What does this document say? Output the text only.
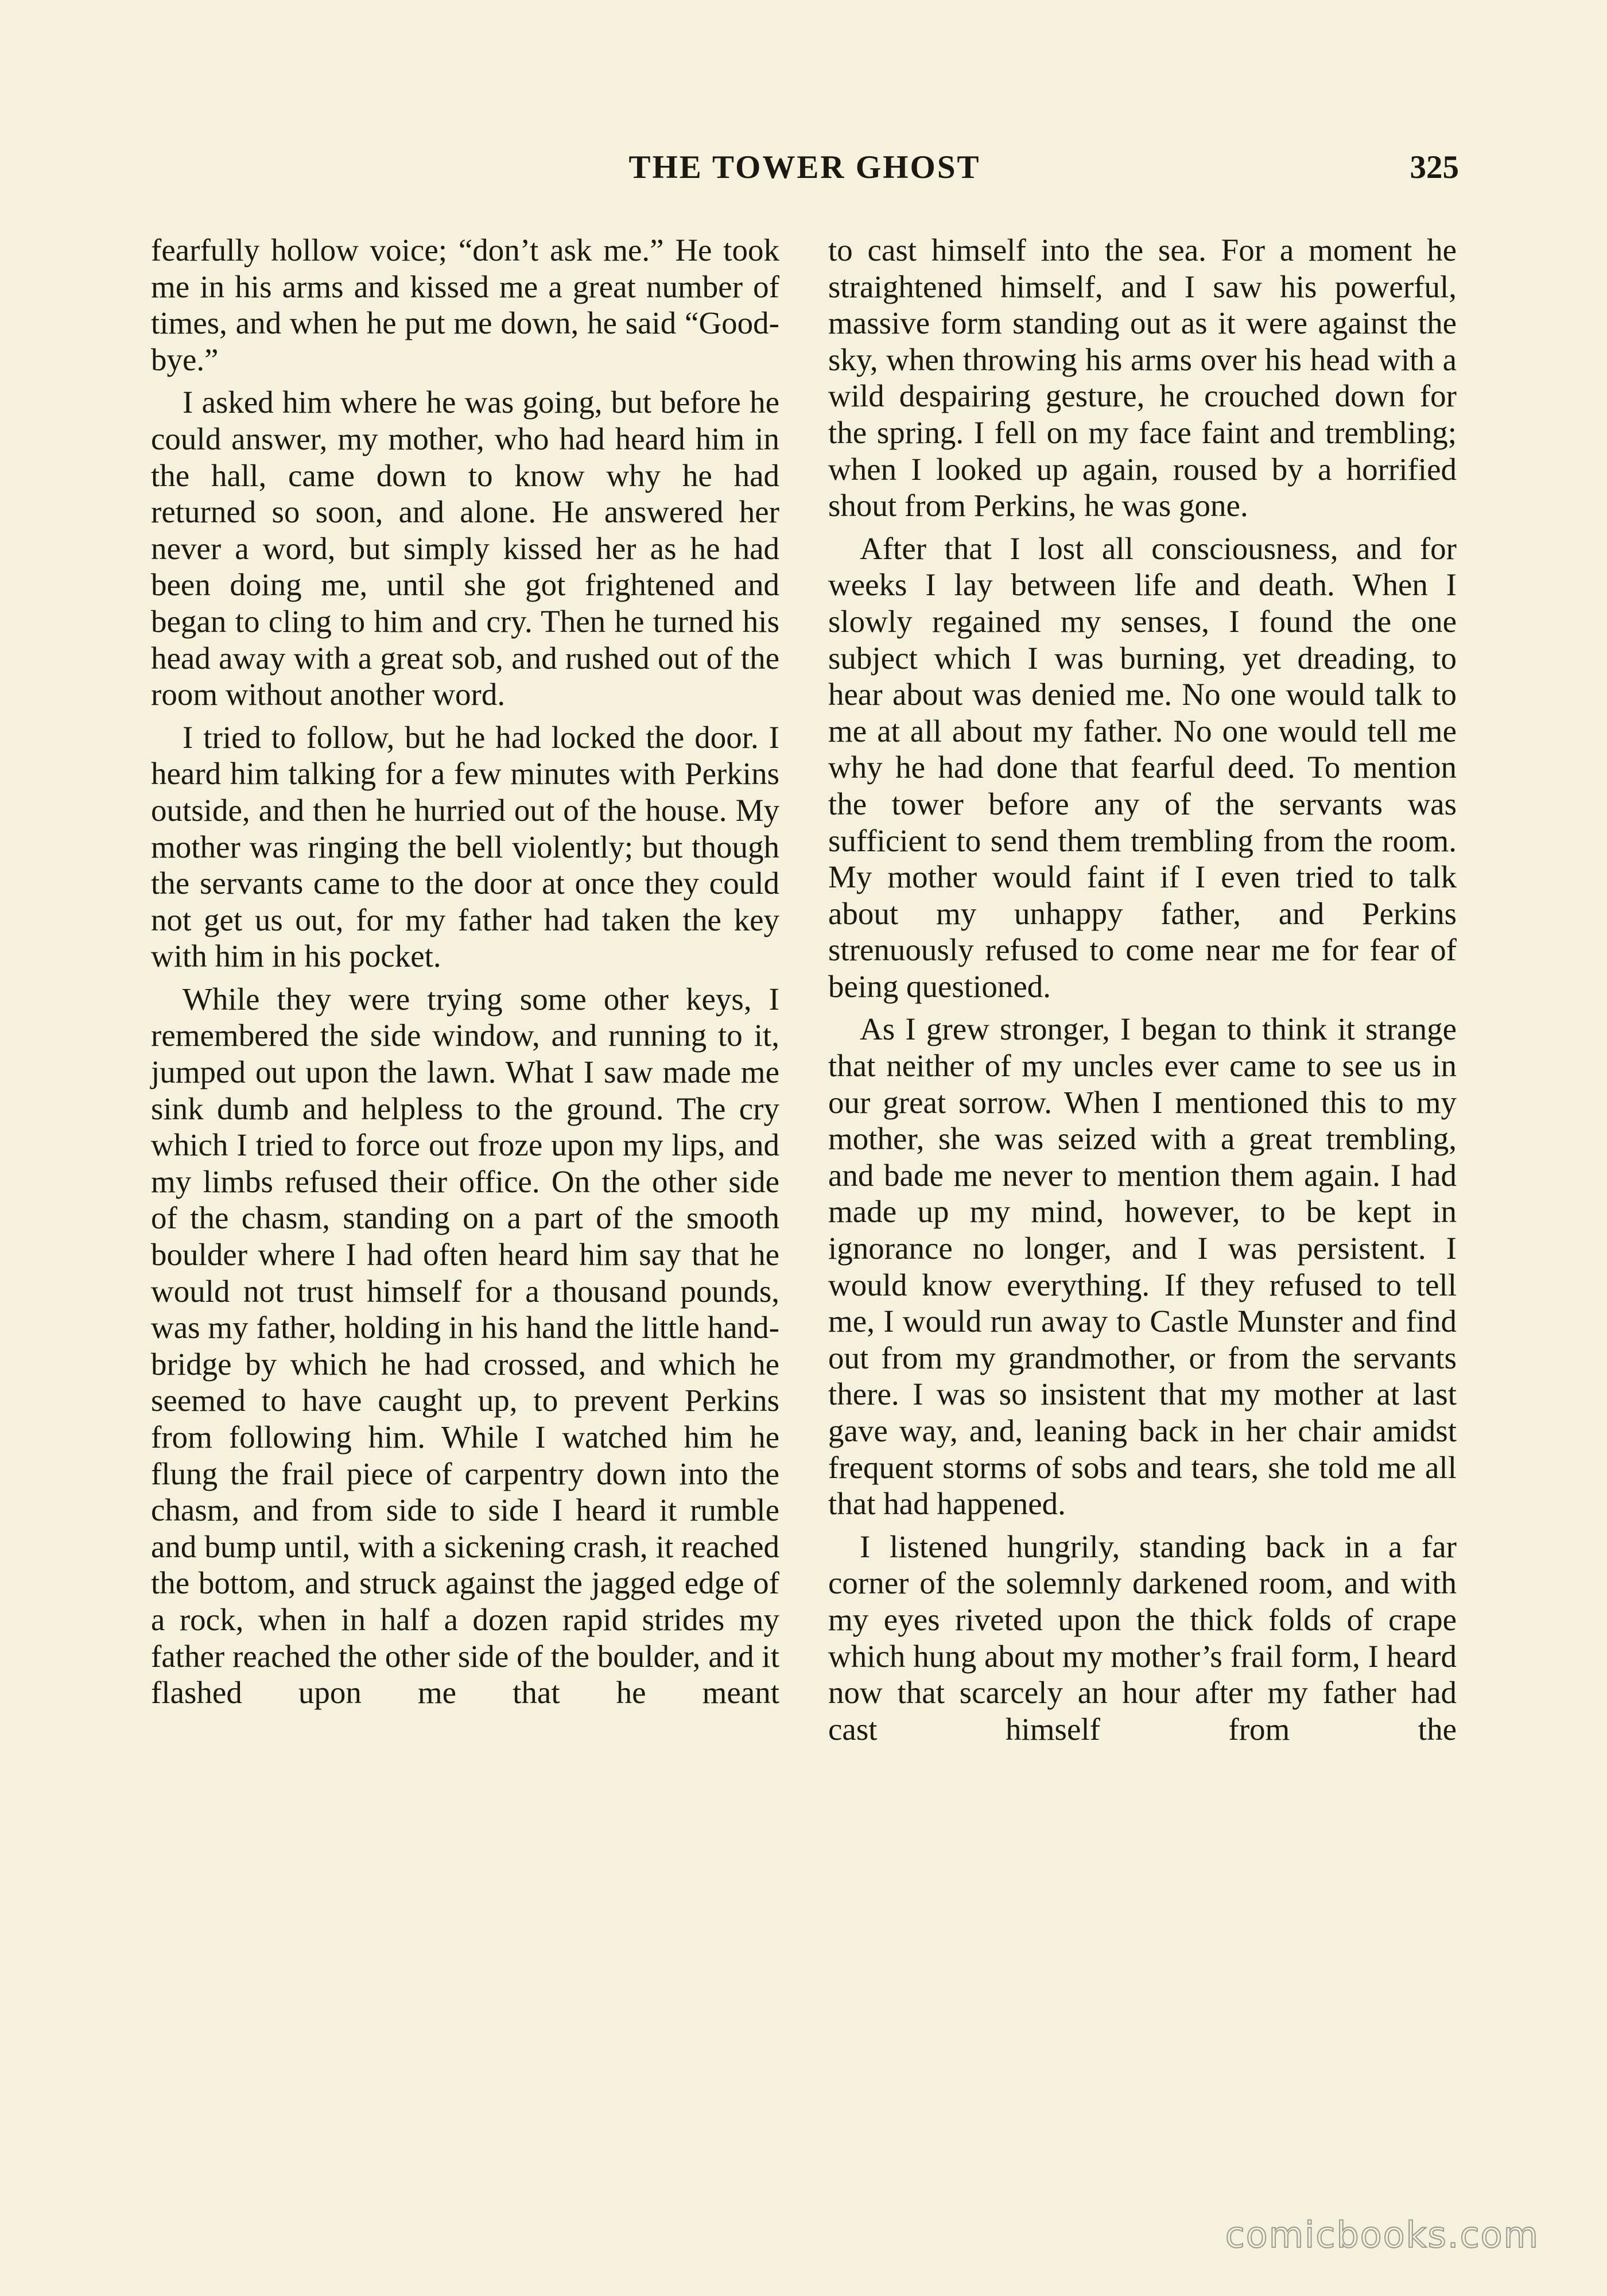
THE TOWER GHOST	325

fearfully hollow voice; “don’t ask me.” He took me in his arms and kissed me a great number of times, and when he put me down, he said “Good-bye.”

I asked him where he was going, but before he could answer, my mother, who had heard him in the hall, came down to know why he had returned so soon, and alone. He answered her never a word, but simply kissed her as he had been doing me, until she got frightened and began to cling to him and cry. Then he turned his head away with a great sob, and rushed out of the room without another word.

I tried to follow, but he had locked the door. I heard him talking for a few minutes with Perkins outside, and then he hurried out of the house. My mother was ringing the bell violently; but though the servants came to the door at once they could not get us out, for my father had taken the key with him in his pocket.

While they were trying some other keys, I remembered the side window, and running to it, jumped out upon the lawn. What I saw made me sink dumb and helpless to the ground. The cry which I tried to force out froze upon my lips, and my limbs refused their office. On the other side of the chasm, standing on a part of the smooth boulder where I had often heard him say that he would not trust himself for a thousand pounds, was my father, holding in his hand the little hand-bridge by which he had crossed, and which he seemed to have caught up, to prevent Perkins from following him. While I watched him he flung the frail piece of carpentry down into the chasm, and from side to side I heard it rumble and bump until, with a sickening crash, it reached the bottom, and struck against the jagged edge of a rock, when in half a dozen rapid strides my father reached the other side of the boulder, and it flashed upon me that he meant

to cast himself into the sea. For a moment he straightened himself, and I saw his powerful, massive form standing out as it were against the sky, when throwing his arms over his head with a wild despairing gesture, he crouched down for the spring. I fell on my face faint and trembling; when I looked up again, roused by a horrified shout from Perkins, he was gone.

After that I lost all consciousness, and for weeks I lay between life and death. When I slowly regained my senses, I found the one subject which I was burning, yet dreading, to hear about was denied me. No one would talk to me at all about my father. No one would tell me why he had done that fearful deed. To mention the tower before any of the servants was sufficient to send them trembling from the room. My mother would faint if I even tried to talk about my unhappy father, and Perkins strenuously refused to come near me for fear of being questioned.

As I grew stronger, I began to think it strange that neither of my uncles ever came to see us in our great sorrow. When I mentioned this to my mother, she was seized with a great trembling, and bade me never to mention them again. I had made up my mind, however, to be kept in ignorance no longer, and I was persistent. I would know everything. If they refused to tell me, I would run away to Castle Munster and find out from my grandmother, or from the servants there. I was so insistent that my mother at last gave way, and, leaning back in her chair amidst frequent storms of sobs and tears, she told me all that had happened.

I listened hungrily, standing back in a far corner of the solemnly darkened room, and with my eyes riveted upon the thick folds of crape which hung about my mother’s frail form, I heard now that scarcely an hour after my father had cast himself from the

comicbooks.com
